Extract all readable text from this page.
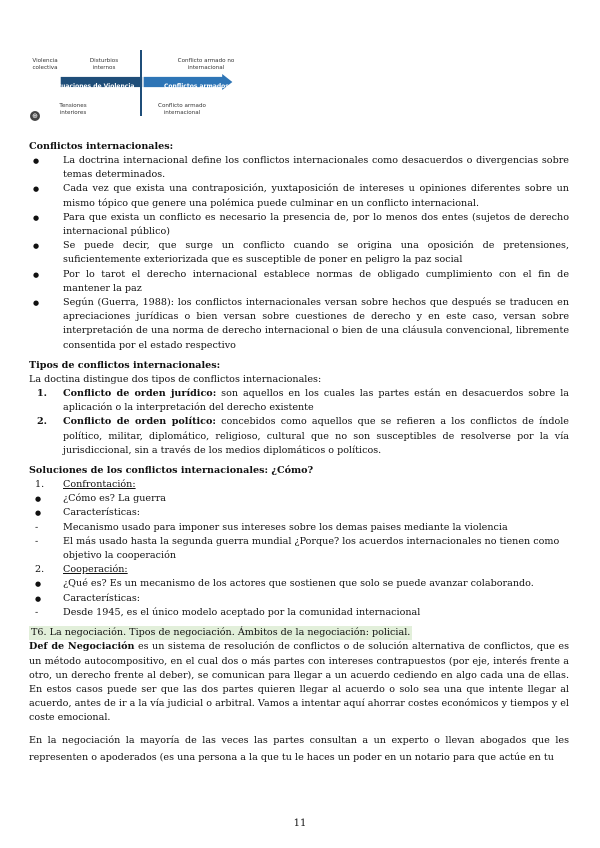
Violencia
colectiva
Disturbios
internos
Conflicto armado no
internacional
Otras situaciones de Violencia	Conflictos armados
Tensiones
interiores
Conflicto armado
internacional
⊕

Conflictos internacionales:

● La doctrina internacional define los conflictos internacionales como desacuerdos o divergencias sobre temas determinados.
● Cada vez que exista una contraposición, yuxtaposición de intereses u opiniones diferentes sobre un mismo tópico que genere una polémica puede culminar en un conflicto internacional.
● Para que exista un conflicto es necesario la presencia de, por lo menos dos entes (sujetos de derecho internacional público)
● Se puede decir, que surge un conflicto cuando se origina una oposición de pretensiones, suficientemente exteriorizada que es susceptible de poner en peligro la paz social
● Por lo tarot el derecho internacional establece normas de obligado cumplimiento con el fin de mantener la paz
● Según (Guerra, 1988): los conflictos internacionales versan sobre hechos que después se traducen en apreciaciones jurídicas o bien versan sobre cuestiones de derecho y en este caso, versan sobre interpretación de una norma de derecho internacional o bien de una cláusula convencional, libremente consentida por el estado respectivo

Tipos de conflictos internacionales:

La doctina distingue dos tipos de conflictos internacionales:

1. Conflicto de orden jurídico: son aquellos en los cuales las partes están en desacuerdos sobre la aplicación o la interpretación del derecho existente
2. Conflicto de orden político: concebidos como aquellos que se refieren a los conflictos de índole político, militar, diplomático, religioso, cultural que no son susceptibles de resolverse por la vía jurisdiccional, sin a través de los medios diplomáticos o políticos.

Soluciones de los conflictos internacionales: ¿Cómo?

1. Confrontación:
● ¿Cómo es? La guerra
● Características:
-	Mecanismo usado para imponer sus intereses sobre los demas paises mediante la violencia
-	El más usado hasta la segunda guerra mundial ¿Porque? los acuerdos internacionales no tienen como objetivo la cooperación
2. Cooperación:
● ¿Qué es? Es un mecanismo de los actores que sostienen que solo se puede avanzar colaborando.
● Características:
-	Desde 1945, es el único modelo aceptado por la comunidad internacional

T6. La negociación. Tipos de negociación. Ámbitos de la negociación: policial.

Def de Negociación es un sistema de resolución de conflictos o de solución alternativa de conflictos, que es un método autocompositivo, en el cual dos o más partes con intereses contrapuestos (por eje, interés frente a otro, un derecho frente al deber), se comunican para llegar a un acuerdo cediendo en algo cada una de ellas. En estos casos puede ser que las dos partes quieren llegar al acuerdo o solo sea una que intente llegar al acuerdo, antes de ir a la vía judicial o arbitral. Vamos a intentar aquí ahorrar costes económicos y tiempos y el coste emocional.

En la negociación la mayoría de las veces las partes consultan a un experto o llevan abogados que les representen o apoderados (es una persona a la que tu le haces un poder en un notario para que actúe en tu

11
